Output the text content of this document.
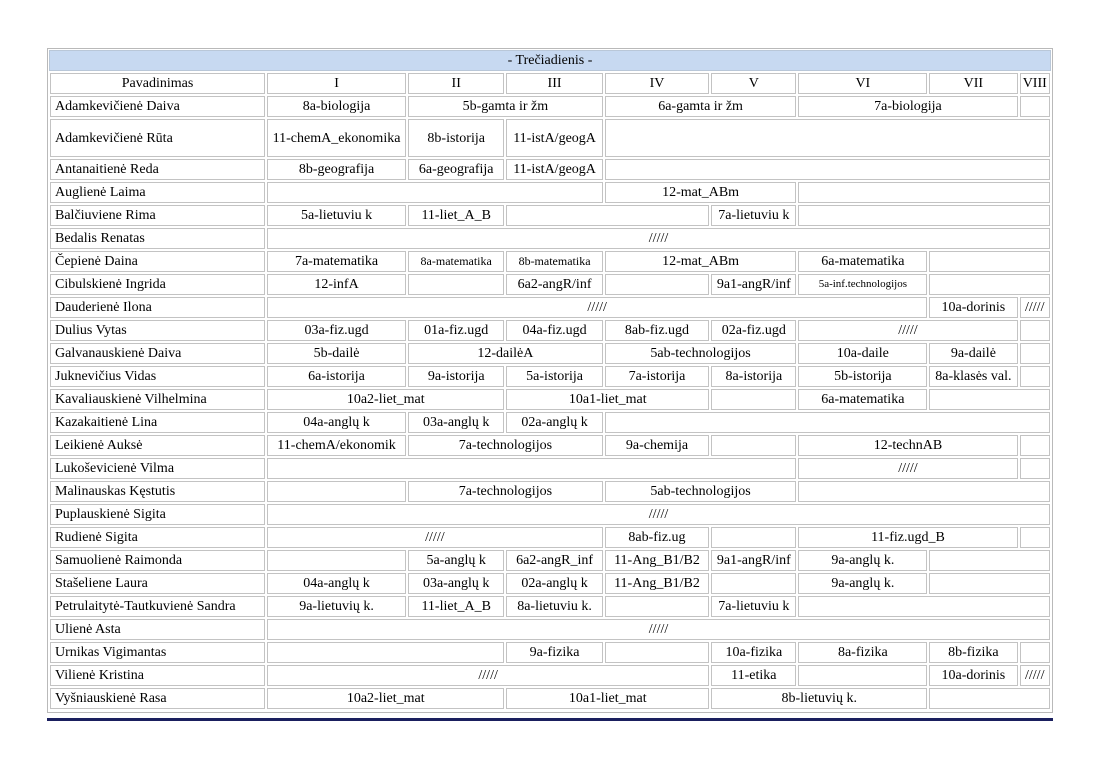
- Trečiadienis -
Pavadinimas	I	II	III	IV	V	VI	VII	VIII
Adamkevičienė Daiva	8a-biologija	5b-gamta ir žm		6a-gamta ir žm		7a-biologija		
Adamkevičienė Rūta	11-chemA_ekonomika	8b-istorija	11-istA/geogA					
Antanaitienė Reda	8b-geografija	6a-geografija	11-istA/geogA					
Auglienė Laima				12-mat_ABm				
Balčiuviene Rima	5a-lietuviu k	11-liet_A_B			7a-lietuviu k			
Bedalis Renatas	/////							
Čepienė Daina	7a-matematika	8a-matematika	8b-matematika	12-mat_ABm		6a-matematika		
Cibulskienė Ingrida	12-infA		6a2-angR/inf		9a1-angR/inf	5a-inf.technologijos		
Dauderienė Ilona	/////						10a-dorinis	/////
Dulius Vytas	03a-fiz.ugd	01a-fiz.ugd	04a-fiz.ugd	8ab-fiz.ugd	02a-fiz.ugd	/////		
Galvanauskienė Daiva	5b-dailė	12-dailėA		5ab-technologijos		10a-daile	9a-dailė	
Juknevičius Vidas	6a-istorija	9a-istorija	5a-istorija	7a-istorija	8a-istorija	5b-istorija	8a-klasės val.	
Kavaliauskienė Vilhelmina	10a2-liet_mat		10a1-liet_mat			6a-matematika		
Kazakaitienė Lina	04a-anglų k	03a-anglų k	02a-anglų k					
Leikienė Auksė	11-chemA/ekonomik	7a-technologijos		9a-chemija		12-technAB		
Lukoševicienė Vilma						/////		
Malinauskas Kęstutis		7a-technologijos		5ab-technologijos				
Puplauskienė Sigita	/////							
Rudienė Sigita	/////			8ab-fiz.ug		11-fiz.ugd_B		
Samuolienė Raimonda		5a-anglų k	6a2-angR_inf	11-Ang_B1/B2	9a1-angR/inf	9a-anglų k.		
Stašeliene Laura	04a-anglų k	03a-anglų k	02a-anglų k	11-Ang_B1/B2		9a-anglų k.		
Petrulaitytė-Tautkuvienė Sandra	9a-lietuvių k.	11-liet_A_B	8a-lietuviu k.		7a-lietuviu k			
Ulienė Asta	/////							
Urnikas Vigimantas			9a-fizika		10a-fizika	8a-fizika	8b-fizika	
Vilienė Kristina	/////				11-etika		10a-dorinis	/////
Vyšniauskienė Rasa	10a2-liet_mat		10a1-liet_mat		8b-lietuvių k.			
